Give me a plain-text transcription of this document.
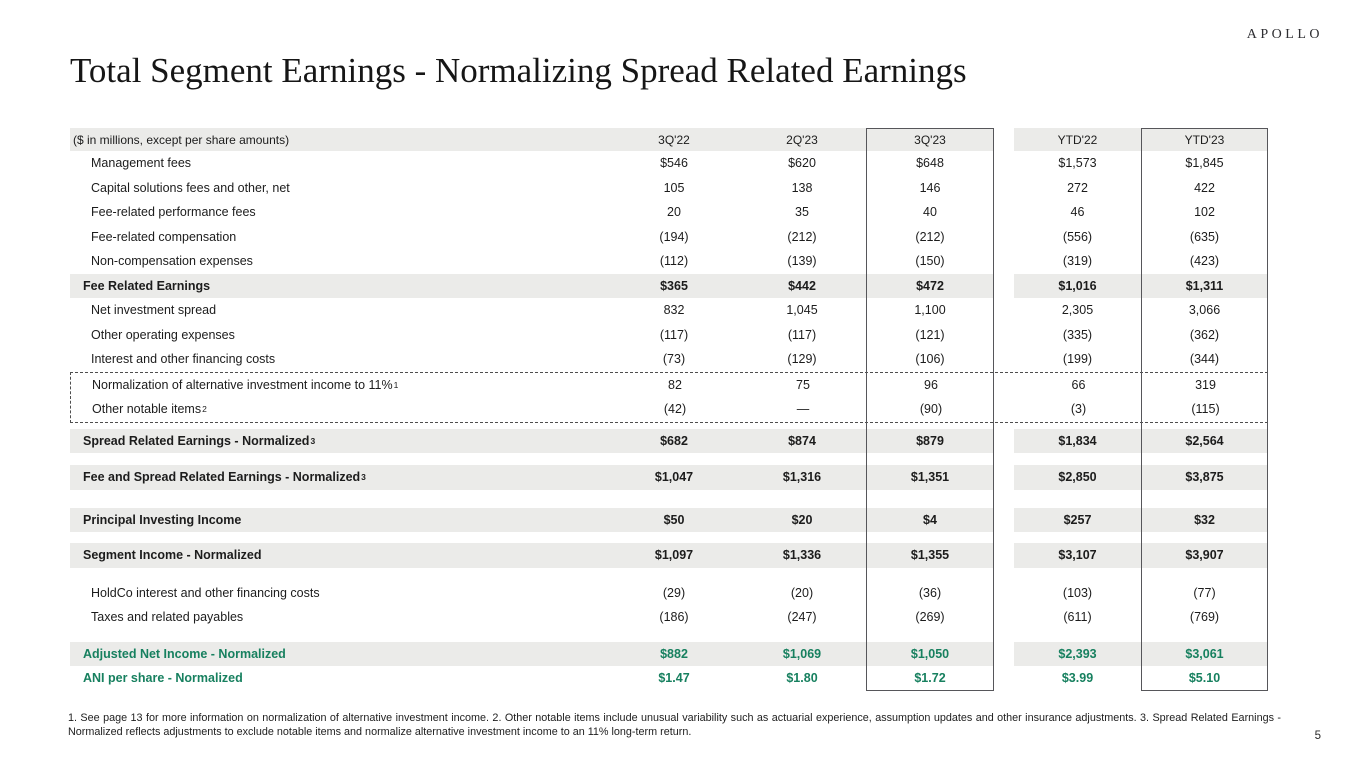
APOLLO
Total Segment Earnings - Normalizing Spread Related Earnings
($ in millions, except per share amounts)	3Q'22	2Q'23	3Q'23	YTD'22	YTD'23
Management fees	$546	$620	$648	$1,573	$1,845
Capital solutions fees and other, net	105	138	146	272	422
Fee-related performance fees	20	35	40	46	102
Fee-related compensation	(194)	(212)	(212)	(556)	(635)
Non-compensation expenses	(112)	(139)	(150)	(319)	(423)
Fee Related Earnings	$365	$442	$472	$1,016	$1,311
Net investment spread	832	1,045	1,100	2,305	3,066
Other operating expenses	(117)	(117)	(121)	(335)	(362)
Interest and other financing costs	(73)	(129)	(106)	(199)	(344)
Normalization of alternative investment income to 11% 1	82	75	96	66	319
Other notable items 2	(42)	—	(90)	(3)	(115)
Spread Related Earnings - Normalized 3	$682	$874	$879	$1,834	$2,564
Fee and Spread Related Earnings - Normalized 3	$1,047	$1,316	$1,351	$2,850	$3,875
Principal Investing Income	$50	$20	$4	$257	$32
Segment Income - Normalized	$1,097	$1,336	$1,355	$3,107	$3,907
HoldCo interest and other financing costs	(29)	(20)	(36)	(103)	(77)
Taxes and related payables	(186)	(247)	(269)	(611)	(769)
Adjusted Net Income - Normalized	$882	$1,069	$1,050	$2,393	$3,061
ANI per share - Normalized	$1.47	$1.80	$1.72	$3.99	$5.10
1. See page 13 for more information on normalization of alternative investment income. 2. Other notable items include unusual variability such as actuarial experience, assumption updates and other insurance adjustments. 3. Spread Related Earnings - Normalized reflects adjustments to exclude notable items and normalize alternative investment income to an 11% long-term return.	5
